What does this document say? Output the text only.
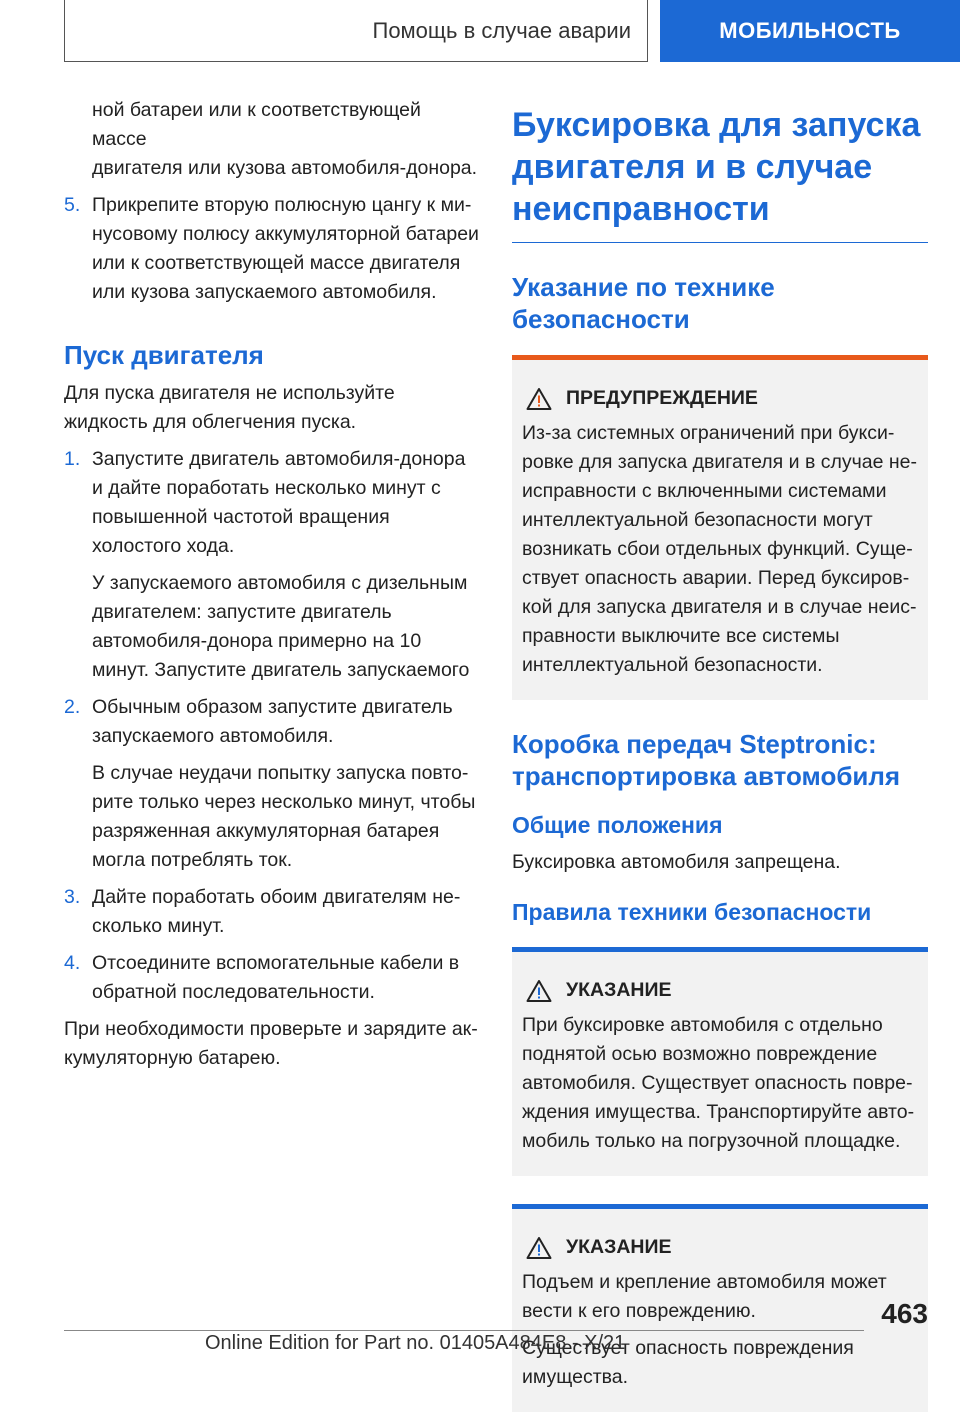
Помощь в случае аварии	МОБИЛЬНОСТЬ

ной батареи или к соответствующей массе

двигателя или кузова автомобиля-донора.

5. Прикрепите вторую полюсную цангу к минусовому полюсу аккумуляторной батареи или к соответствующей массе двигателя или кузова запускаемого автомобиля.

Пуск двигателя

Для пуска двигателя не используйте жидкость для облегчения пуска.

1. Запустите двигатель автомобиля-донора и дайте поработать несколько минут с повышенной частотой вращения холостого хода.

У запускаемого автомобиля с дизельным двигателем: запустите двигатель автомобиля-донора примерно на 10 минут. Запустите двигатель запускаемого

2. Обычным образом запустите двигатель запускаемого автомобиля.

В случае неудачи попытку запуска повторите только через несколько минут, чтобы разряженная аккумуляторная батарея могла потреблять ток.

3. Дайте поработать обоим двигателям несколько минут.

4. Отсоедините вспомогательные кабели в обратной последовательности.

При необходимости проверьте и зарядите аккумуляторную батарею.

Буксировка для запуска двигателя и в случае неисправности
Указание по технике безопасности
ПРЕДУПРЕЖДЕНИЕ

Из-за системных ограничений при буксировке для запуска двигателя и в случае неисправности с включенными системами интеллектуальной безопасности могут возникать сбои отдельных функций. Существует опасность аварии. Перед буксировкой для запуска двигателя и в случае неисправности выключите все системы интеллектуальной безопасности.

Коробка передач Steptronic: транспортировка автомобиля
Общие положения

Буксировка автомобиля запрещена.

Правила техники безопасности
УКАЗАНИЕ

При буксировке автомобиля с отдельно поднятой осью возможно повреждение автомобиля. Существует опасность повреждения имущества. Транспортируйте автомобиль только на погрузочной площадке.

УКАЗАНИЕ

Подъем и крепление автомобиля может вести к его повреждению.

Существует опасность повреждения имущества.

463
Online Edition for Part no. 01405A484E8 - X/21
